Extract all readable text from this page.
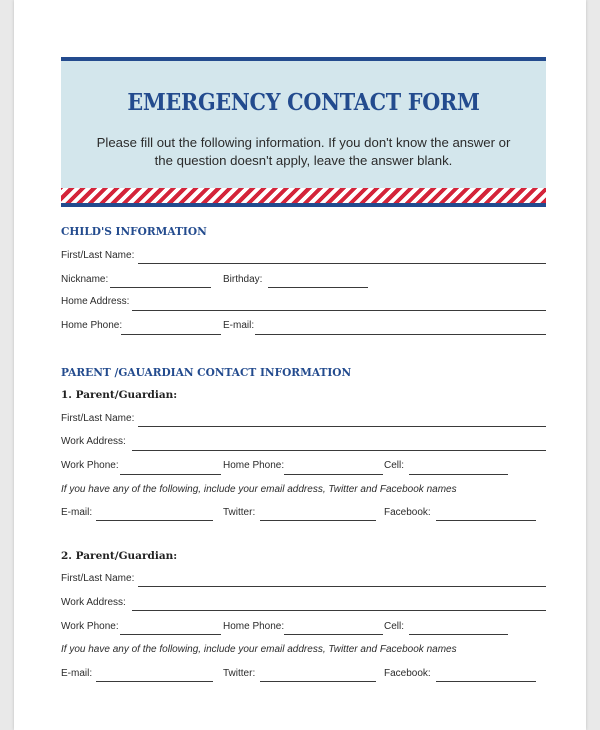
EMERGENCY CONTACT FORM
Please fill out the following information. If you don't know the answer or the question doesn't apply, leave the answer blank.
CHILD'S INFORMATION
First/Last Name:
Nickname:	Birthday:
Home Address:
Home Phone:	E-mail:
PARENT /GAUARDIAN CONTACT INFORMATION
1. Parent/Guardian:
First/Last Name:
Work Address:
Work Phone:	Home Phone:	Cell:
If you have any of the following, include your email address, Twitter and Facebook names
E-mail:	Twitter:	Facebook:
2. Parent/Guardian:
First/Last Name:
Work Address:
Work Phone:	Home Phone:	Cell:
If you have any of the following, include your email address, Twitter and Facebook names
E-mail:	Twitter:	Facebook:
